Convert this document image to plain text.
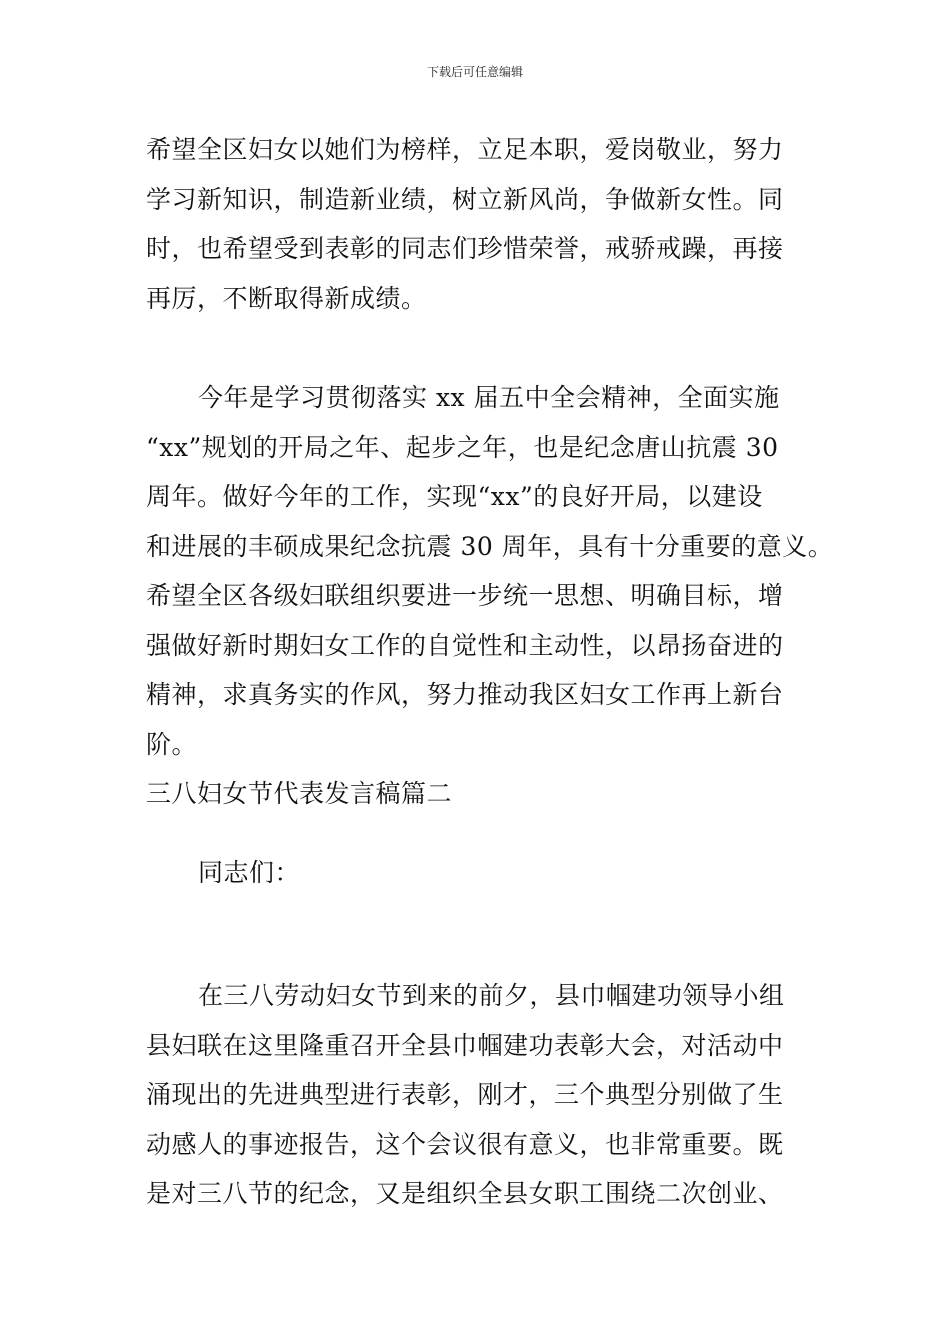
下载后可任意编辑
希望全区妇女以她们为榜样，立足本职，爱岗敬业，努力
学习新知识，制造新业绩，树立新风尚，争做新女性。同
时，也希望受到表彰的同志们珍惜荣誉，戒骄戒躁，再接
再厉，不断取得新成绩。
今年是学习贯彻落实 xx 届五中全会精神，全面实施
“xx”规划的开局之年、起步之年，也是纪念唐山抗震 30
周年。做好今年的工作，实现“xx”的良好开局，以建设
和进展的丰硕成果纪念抗震 30 周年，具有十分重要的意义。
希望全区各级妇联组织要进一步统一思想、明确目标，增
强做好新时期妇女工作的自觉性和主动性，以昂扬奋进的
精神，求真务实的作风，努力推动我区妇女工作再上新台
阶。
三八妇女节代表发言稿篇二
同志们：
在三八劳动妇女节到来的前夕，县巾帼建功领导小组
县妇联在这里隆重召开全县巾帼建功表彰大会，对活动中
涌现出的先进典型进行表彰，刚才，三个典型分别做了生
动感人的事迹报告，这个会议很有意义，也非常重要。既
是对三八节的纪念，又是组织全县女职工围绕二次创业、
